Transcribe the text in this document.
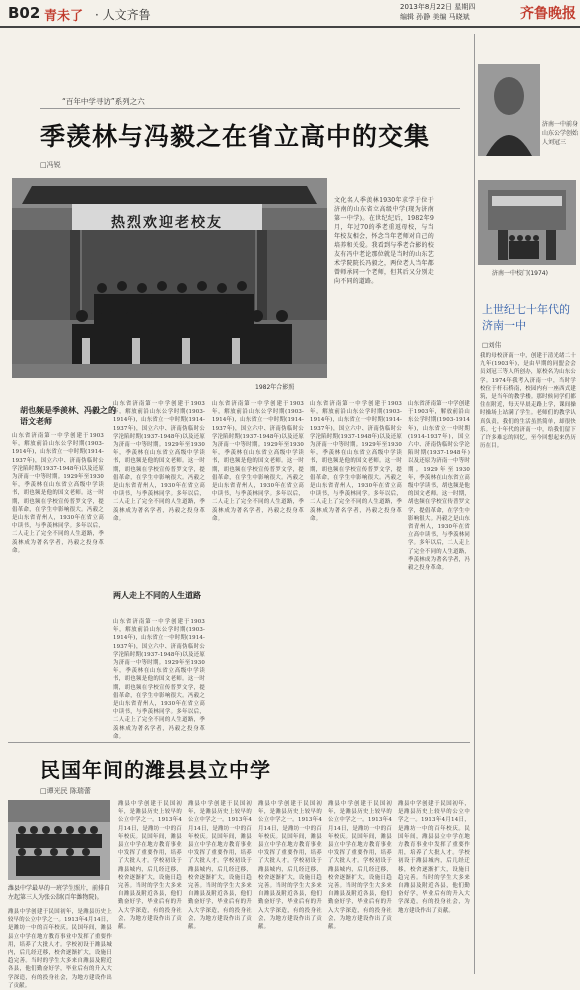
B02 青未了 · 人文齐鲁
2013年8月22日 星期四
编辑 孙静 美编 马晓斌	齐鲁晚报
“百年中学寻访”系列之六
季羡林与冯毅之在省立高中的交集
□冯锐
热烈欢迎老校友
1982年合影照
文化名人季羡林1930年求学于位于济南的山东省立高级中学(现为济南第一中学)。在世纪纪后，1982年9月，年过70的季老重返母校，与当年校友相会，怀念当年老师对自己的培养和关爱。我看到与季老合影的校友有冯中老论那位就是当时的山东艺术学院院长冯毅之，两位老人当年都曾师承同一个老师，但其后又分别走向不同的道路。
胡也频是季羡林、冯毅之的语文老师
山东省济南第一中学创建于1903年，解放前沿山东公学时期(1903-1914年)，山东省立一中时期(1914-1937年)，国立六中、济南伪临时公学沦陷时期(1937-1948年)以及还原为济南一中等时期。1929年至1930年，季羡林在山东省立高级中学读书，胡也频是他的国文老师。这一时期，胡也频在学校宣传普罗文学，提倡革命，在学生中影响很大。冯毅之是山东省青州人，1930年在省立高中读书，与季羡林同学。多年以后，二人走上了完全不同的人生道路，季羡林成为著名学者，冯毅之投身革命。
山东省济南第一中学创建于1903年，解放前沿山东公学时期(1903-1914年)，山东省立一中时期(1914-1937年)，国立六中、济南伪临时公学沦陷时期(1937-1948年)以及还原为济南一中等时期。1929年至1930年，季羡林在山东省立高级中学读书，胡也频是他的国文老师。这一时期，胡也频在学校宣传普罗文学，提倡革命，在学生中影响很大。冯毅之是山东省青州人，1930年在省立高中读书，与季羡林同学。多年以后，二人走上了完全不同的人生道路，季羡林成为著名学者，冯毅之投身革命。
两人走上不同的人生道路
山东省济南第一中学创建于1903年，解放前沿山东公学时期(1903-1914年)，山东省立一中时期(1914-1937年)，国立六中、济南伪临时公学沦陷时期(1937-1948年)以及还原为济南一中等时期。1929年至1930年，季羡林在山东省立高级中学读书，胡也频是他的国文老师。这一时期，胡也频在学校宣传普罗文学，提倡革命，在学生中影响很大。冯毅之是山东省青州人，1930年在省立高中读书，与季羡林同学。多年以后，二人走上了完全不同的人生道路，季羡林成为著名学者，冯毅之投身革命。
山东省济南第一中学创建于1903年，解放前沿山东公学时期(1903-1914年)，山东省立一中时期(1914-1937年)，国立六中、济南伪临时公学沦陷时期(1937-1948年)以及还原为济南一中等时期。1929年至1930年，季羡林在山东省立高级中学读书，胡也频是他的国文老师。这一时期，胡也频在学校宣传普罗文学，提倡革命，在学生中影响很大。冯毅之是山东省青州人，1930年在省立高中读书，与季羡林同学。多年以后，二人走上了完全不同的人生道路，季羡林成为著名学者，冯毅之投身革命。
山东省济南第一中学创建于1903年，解放前沿山东公学时期(1903-1914年)，山东省立一中时期(1914-1937年)，国立六中、济南伪临时公学沦陷时期(1937-1948年)以及还原为济南一中等时期。1929年至1930年，季羡林在山东省立高级中学读书，胡也频是他的国文老师。这一时期，胡也频在学校宣传普罗文学，提倡革命，在学生中影响很大。冯毅之是山东省青州人，1930年在省立高中读书，与季羡林同学。多年以后，二人走上了完全不同的人生道路，季羡林成为著名学者，冯毅之投身革命。
山东省济南第一中学创建于1903年，解放前沿山东公学时期(1903-1914年)，山东省立一中时期(1914-1937年)，国立六中、济南伪临时公学沦陷时期(1937-1948年)以及还原为济南一中等时期。1929年至1930年，季羡林在山东省立高级中学读书，胡也频是他的国文老师。这一时期，胡也频在学校宣传普罗文学，提倡革命，在学生中影响很大。冯毅之是山东省青州人，1930年在省立高中读书，与季羡林同学。多年以后，二人走上了完全不同的人生道路，季羡林成为著名学者，冯毅之投身革命。
济南一中前身山东公学创始人刘冠三
济南一中校门(1974)
上世纪七十年代的济南一中
□刘伟
我的母校济南一中，创建于清光绪二十九年(1903年)，是由早期的同盟会会员刘冠三等人所创办，原校名为山东公学。1974年我考入济南一中，当时学校位于杆石桥南，校园内有一座西式建筑，是当年的教学楼。那时候同学们都住在附近，每天早晨走路上学，课间操时操场上站满了学生。老师们的教学认真负责，我们的生活虽然简单，却很快乐。七十年代的济南一中，给我们留下了许多难忘的回忆，至今回想起来仍历历在目。
民国年间的潍县县立中学
□谭光民 陈瑞蕾
潍县中学最早的一班学生照片，前排自左起第三人为张公制(百年潍物院)。
潍县中学创建于民国初年，是潍县历史上较早的公立中学之一。1913年4月14日，是潍坊一中的百年校庆。民国年间，潍县县立中学在地方教育事业中发挥了重要作用，培养了大批人才。学校初设于潍县城内，后几经迁移，校舍逐渐扩大，设施日趋完善。当时的学生大多来自潍县及附近各县，他们勤奋好学，毕业后有的升入大学深造，有的投身社会，为地方建设作出了贡献。
潍县中学创建于民国初年，是潍县历史上较早的公立中学之一。1913年4月14日，是潍坊一中的百年校庆。民国年间，潍县县立中学在地方教育事业中发挥了重要作用，培养了大批人才。学校初设于潍县城内，后几经迁移，校舍逐渐扩大，设施日趋完善。当时的学生大多来自潍县及附近各县，他们勤奋好学，毕业后有的升入大学深造，有的投身社会，为地方建设作出了贡献。
潍县中学创建于民国初年，是潍县历史上较早的公立中学之一。1913年4月14日，是潍坊一中的百年校庆。民国年间，潍县县立中学在地方教育事业中发挥了重要作用，培养了大批人才。学校初设于潍县城内，后几经迁移，校舍逐渐扩大，设施日趋完善。当时的学生大多来自潍县及附近各县，他们勤奋好学，毕业后有的升入大学深造，有的投身社会，为地方建设作出了贡献。
潍县中学创建于民国初年，是潍县历史上较早的公立中学之一。1913年4月14日，是潍坊一中的百年校庆。民国年间，潍县县立中学在地方教育事业中发挥了重要作用，培养了大批人才。学校初设于潍县城内，后几经迁移，校舍逐渐扩大，设施日趋完善。当时的学生大多来自潍县及附近各县，他们勤奋好学，毕业后有的升入大学深造，有的投身社会，为地方建设作出了贡献。
潍县中学创建于民国初年，是潍县历史上较早的公立中学之一。1913年4月14日，是潍坊一中的百年校庆。民国年间，潍县县立中学在地方教育事业中发挥了重要作用，培养了大批人才。学校初设于潍县城内，后几经迁移，校舍逐渐扩大，设施日趋完善。当时的学生大多来自潍县及附近各县，他们勤奋好学，毕业后有的升入大学深造，有的投身社会，为地方建设作出了贡献。
潍县中学创建于民国初年，是潍县历史上较早的公立中学之一。1913年4月14日，是潍坊一中的百年校庆。民国年间，潍县县立中学在地方教育事业中发挥了重要作用，培养了大批人才。学校初设于潍县城内，后几经迁移，校舍逐渐扩大，设施日趋完善。当时的学生大多来自潍县及附近各县，他们勤奋好学，毕业后有的升入大学深造，有的投身社会，为地方建设作出了贡献。
